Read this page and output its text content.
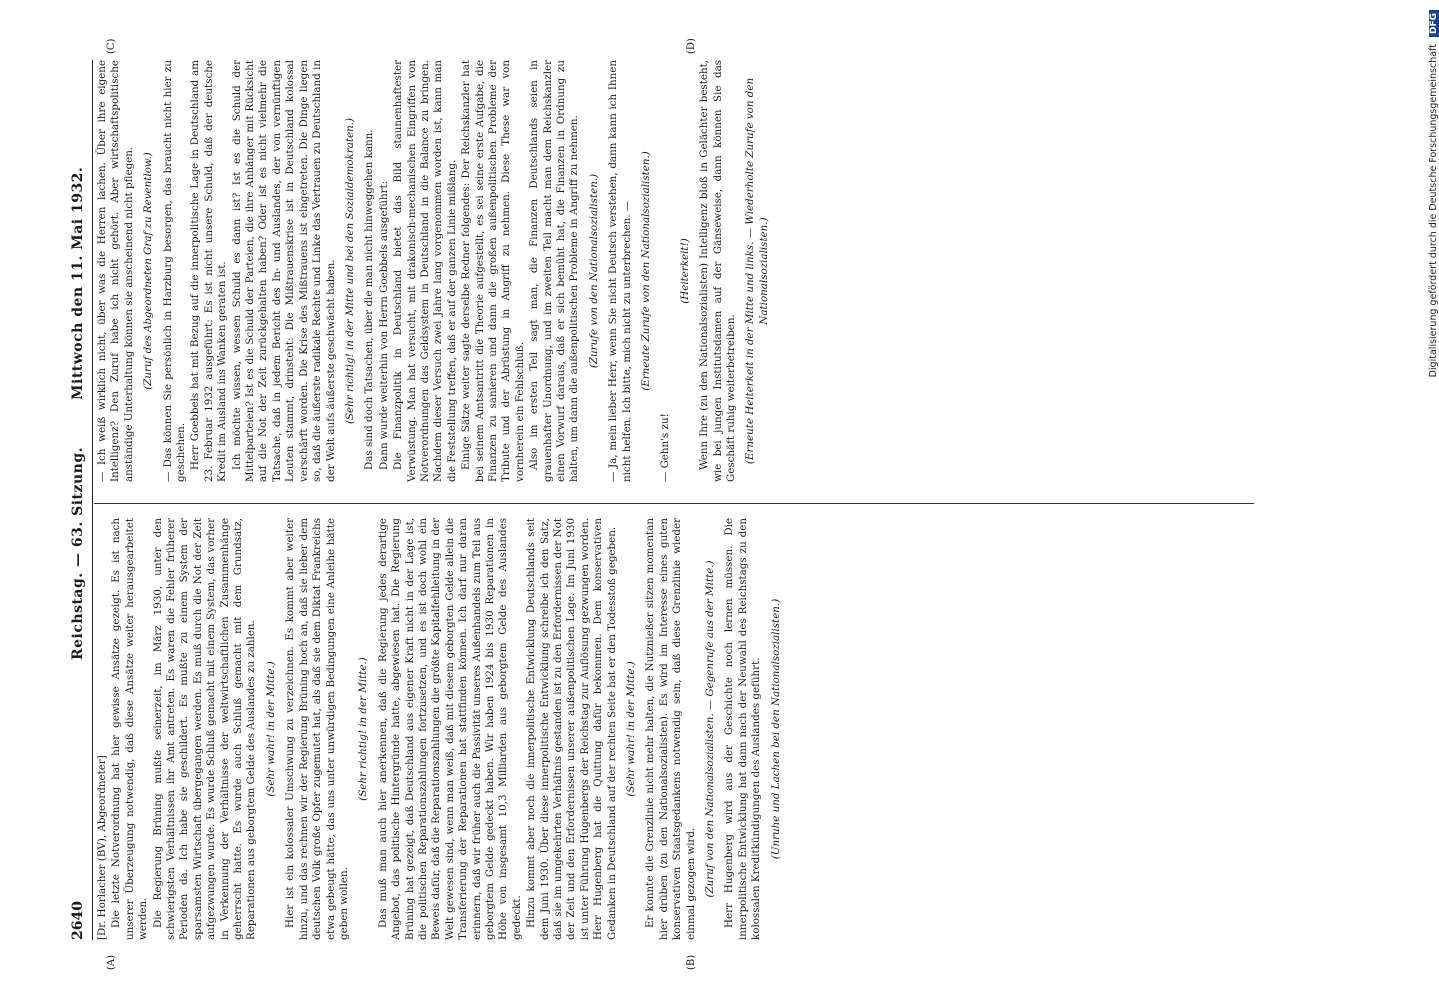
2640
Reichstag. — 63. Sitzung.
Mittwoch den 11. Mai 1932.
(A)	(B)
(C)	(D)

[Dr. Horlacher (BV), Abgeordneter] Die letzte Notverordnung hat hier gewisse Ansätze gezeigt. Es ist nach unserer Überzeugung notwendig, daß diese Ansätze weiter herausgearbeitet werden. Die Regierung Brüning mußte seinerzeit, im März 1930, unter den schwierigsten Verhältnissen ihr Amt antreten. Es waren die Fehler früherer Perioden da. Ich habe sie geschildert. Es mußte zu einem System der sparsamsten Wirtschaft übergegangen werden. Es muß durch die Not der Zeit aufgezwungen wurde. Es wurde Schluß gemacht mit einem System, das vorher in Verkennung der Verhältnisse der weltwirtschaftlichen Zusammenhänge geherrscht hatte. Es wurde auch Schluß gemacht mit dem Grundsatz, Reparationen aus geborgtem Gelde des Auslandes zu zahlen. (Sehr wahr! in der Mitte.) Hier ist ein kolossaler Umschwung zu verzeichnen. Es kommt aber weiter hinzu, und das rechnen wir der Regierung Brüning hoch an, daß sie lieber dem deutschen Volk große Opfer zugemutet hat, als daß sie dem Diktat Frankreichs etwa gebeugt hätte, das uns unter unwürdigen Bedingungen eine Anleihe hätte geben wollen.

(Sehr richtig! in der Mitte.) Das muß man auch hier anerkennen, daß die Regierung jedes derartige Angebot, das politische Hintergründe hatte, abgewiesen hat. Die Regierung Brüning hat gezeigt, daß Deutschland aus eigener Kraft nicht in der Lage ist, die politischen Reparationszahlungen fortzusetzen, und es ist doch wohl ein Beweis dafür, daß die Reparationszahlungen die größte Kapitalfehlleitung in der Welt gewesen sind, wenn man weiß, daß mit diesem geborgten Gelde allein die Transferierung der Reparationen hat stattfinden können. Ich darf nur daran erinnern, daß wir früher auch die Passivität unseres Außenhandels zum Teil aus geborgtem Gelde gedeckt haben. Wir haben 1924 bis 1930 Reparationen in Höhe von insgesamt 10,3 Milliarden aus geborgtem Gelde des Auslandes gedeckt. Hinzu kommt aber noch die innerpolitische Entwicklung Deutschlands seit dem Juni 1930. Über diese innerpolitische Entwicklung schreibe ich den Satz, daß sie im umgekehrten Verhältnis gestanden ist zu den Erfordernissen der Not der Zeit und den Erfordernissen unserer außenpolitischen Lage. Im Juni 1930 ist unter Führung Hugenbergs der Reichstag zur Auflösung gezwungen worden. Herr Hugenberg hat die Quittung dafür bekommen. Dem konservativen Gedanken in Deutschland auf der rechten Seite hat er den Todesstoß gegeben. (Sehr wahr! in der Mitte.) Er konnte die Grenzlinie nicht mehr halten, die Nutznießer sitzen momentan hier drüben (zu den Nationalsozialisten). Es wird im Interesse eines guten konservativen Staatsgedankens notwendig sein, daß diese Grenzlinie wieder einmal gezogen wird. (Zuruf von den Nationalsozialisten. — Gegenrufe aus der Mitte.) Herr Hugenberg wird aus der Geschichte noch lernen müssen. Die innerpolitische Entwicklung hat dann nach der Neuwahl des Reichstags zu den kolossalen Kreditkündigungen des Auslandes geführt. (Unruhe und Lachen bei den Nationalsozialisten.)

— Ich weiß wirklich nicht, über was die Herren lachen. Über ihre eigene Intelligenz? Den Zuruf habe ich nicht gehört. Aber wirtschaftspolitische anständige Unterhaltung können sie anscheinend nicht pflegen. (Zuruf des Abgeordneten Graf zu Reventlow.) — Das können Sie persönlich in Harzburg besorgen, das braucht nicht hier zu geschehen. Herr Goebbels hat mit Bezug auf die innerpolitische Lage in Deutschland am 23. Februar 1932 ausgeführt: Es ist nicht unsere Schuld, daß der deutsche Kredit im Ausland ins Wanken geraten ist. Ich möchte wissen, wessen Schuld es dann ist? Ist es die Schuld der Mittelparteien? Ist es die Schuld der Parteien, die ihre Anhänger mit Rücksicht auf die Not der Zeit zurückgehalten haben? Oder ist es nicht vielmehr die Tatsache, daß in jedem Bericht des In- und Auslandes, der von vernünftigen Leuten stammt, drinsteht: Die Mißtrauenskrise ist in Deutschland kolossal verschärft worden. Die Krise des Mißtrauens ist eingetreten. Die Dinge liegen so, daß die äußerste radikale Rechte und Linke das Vertrauen zu Deutschland in der Welt aufs äußerste geschwächt haben. (Sehr richtig! in der Mitte und bei den Sozialdemokraten.) Das sind doch Tatsachen, über die man nicht hinweggehen kann. Dann wurde weiterhin von Herrn Goebbels ausgeführt: Die Finanzpolitik in Deutschland bietet das Bild staunenhaftester Verwüstung. Man hat versucht, mit drakonisch-mechanischen Eingriffen von Notverordnungen das Geldsystem in Deutschland in die Balance zu bringen. Nachdem dieser Versuch zwei Jahre lang vorgenommen worden ist, kann man die Feststellung treffen, daß er auf der ganzen Linie mißlang. Einige Sätze weiter sagte derselbe Redner folgendes: Der Reichskanzler hat bei seinem Amtsantritt die Theorie aufgestellt, es sei seine erste Aufgabe, die Finanzen zu sanieren und dann die großen außenpolitischen Probleme der Tribute und der Abrüstung in Angriff zu nehmen. Diese These war von vornherein ein Fehlschluß. Also im ersten Teil sagt man, die Finanzen Deutschlands seien in grauenhafter Unordnung, und im zweiten Teil macht man dem Reichskanzler einen Vorwurf daraus, daß er sich bemüht hat, die Finanzen in Ordnung zu halten, um dann die außenpolitischen Probleme in Angriff zu nehmen. (Zurufe von den Nationalsozialisten.) — Ja, mein lieber Herr, wenn Sie nicht Deutsch verstehen, dann kann ich Ihnen nicht helfen. Ich bitte, mich nicht zu unterbrechen. — (Erneute Zurufe von den Nationalsozialisten.)

— Gehn's zu!

(Heiterkeit!) Wenn Ihre (zu den Nationalsozialisten) Intelligenz bloß in Gelächter besteht, wie bei jungen Institutsdamen auf der Gänseweise, dann können Sie das Geschäft ruhig weiterbetreiben. (Erneute Heiterkeit in der Mitte und links. — Wiederholte Zurufe von den Nationalsozialisten.)	Digitalisierung gefördert durch die Deutsche Forschungsgemeinschaft DFG
